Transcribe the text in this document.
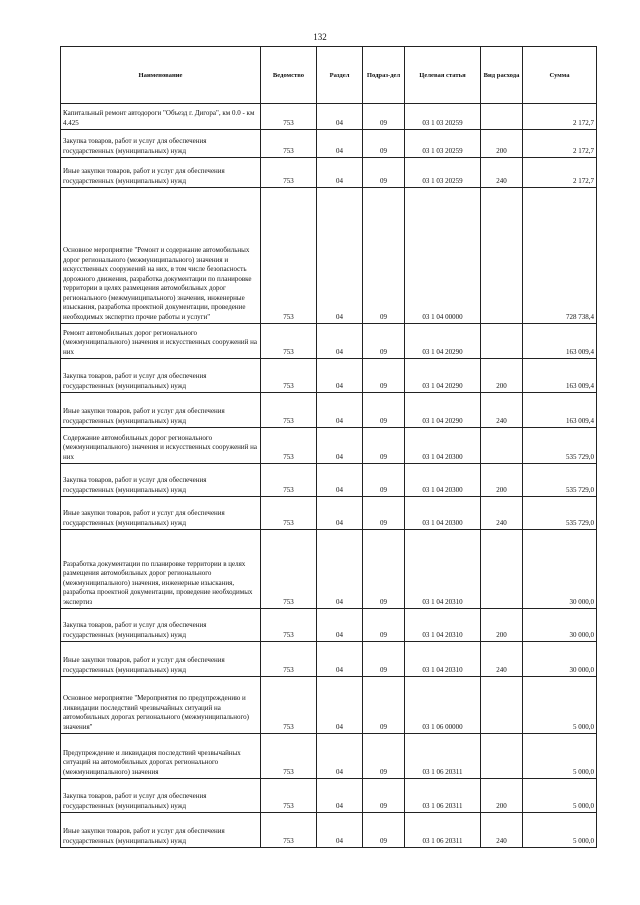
132
Наименование	Ведомство	Раздел	Подраз-дел	Целевая статья	Вид расхода	Сумма
Капитальный ремонт автодороги "Объезд г. Дигора", км 0.0 - км 4.425	753	04	09	03 1 03 20259		2 172,7
Закупка товаров, работ и услуг для обеспечения государственных (муниципальных) нужд	753	04	09	03 1 03 20259	200	2 172,7
Иные закупки товаров, работ и услуг для обеспечения государственных (муниципальных) нужд	753	04	09	03 1 03 20259	240	2 172,7
Основное мероприятие "Ремонт и содержание автомобильных дорог регионального (межмуниципального) значения и искусственных сооружений на них, в том числе безопасность дорожного движения, разработка документации по планировке территории в целях размещения автомобильных дорог регионального (межмуниципального) значения, инженерные изыскания, разработка проектной документации, проведение необходимых экспертиз прочие работы и услуги"	753	04	09	03 1 04 00000		728 738,4
Ремонт автомобильных дорог регионального (межмуниципального) значения и искусственных сооружений на них	753	04	09	03 1 04 20290		163 009,4
Закупка товаров, работ и услуг для обеспечения государственных (муниципальных) нужд	753	04	09	03 1 04 20290	200	163 009,4
Иные закупки товаров, работ и услуг для обеспечения государственных (муниципальных) нужд	753	04	09	03 1 04 20290	240	163 009,4
Содержание автомобильных дорог регионального (межмуниципального) значения и искусственных сооружений на них	753	04	09	03 1 04 20300		535 729,0
Закупка товаров, работ и услуг для обеспечения государственных (муниципальных) нужд	753	04	09	03 1 04 20300	200	535 729,0
Иные закупки товаров, работ и услуг для обеспечения государственных (муниципальных) нужд	753	04	09	03 1 04 20300	240	535 729,0
Разработка документации по планировке территории в целях размещения автомобильных дорог регионального (межмуниципального) значения, инженерные изыскания, разработка проектной документации, проведение необходимых экспертиз	753	04	09	03 1 04 20310		30 000,0
Закупка товаров, работ и услуг для обеспечения государственных (муниципальных) нужд	753	04	09	03 1 04 20310	200	30 000,0
Иные закупки товаров, работ и услуг для обеспечения государственных (муниципальных) нужд	753	04	09	03 1 04 20310	240	30 000,0
Основное мероприятие "Мероприятия по предупреждению и ликвидации последствий чрезвычайных ситуаций на автомобильных дорогах регионального (межмуниципального) значения"	753	04	09	03 1 06 00000		5 000,0
Предупреждение и ликвидация последствий чрезвычайных ситуаций на автомобильных дорогах регионального (межмуниципального) значения	753	04	09	03 1 06 20311		5 000,0
Закупка товаров, работ и услуг для обеспечения государственных (муниципальных) нужд	753	04	09	03 1 06 20311	200	5 000,0
Иные закупки товаров, работ и услуг для обеспечения государственных (муниципальных) нужд	753	04	09	03 1 06 20311	240	5 000,0
